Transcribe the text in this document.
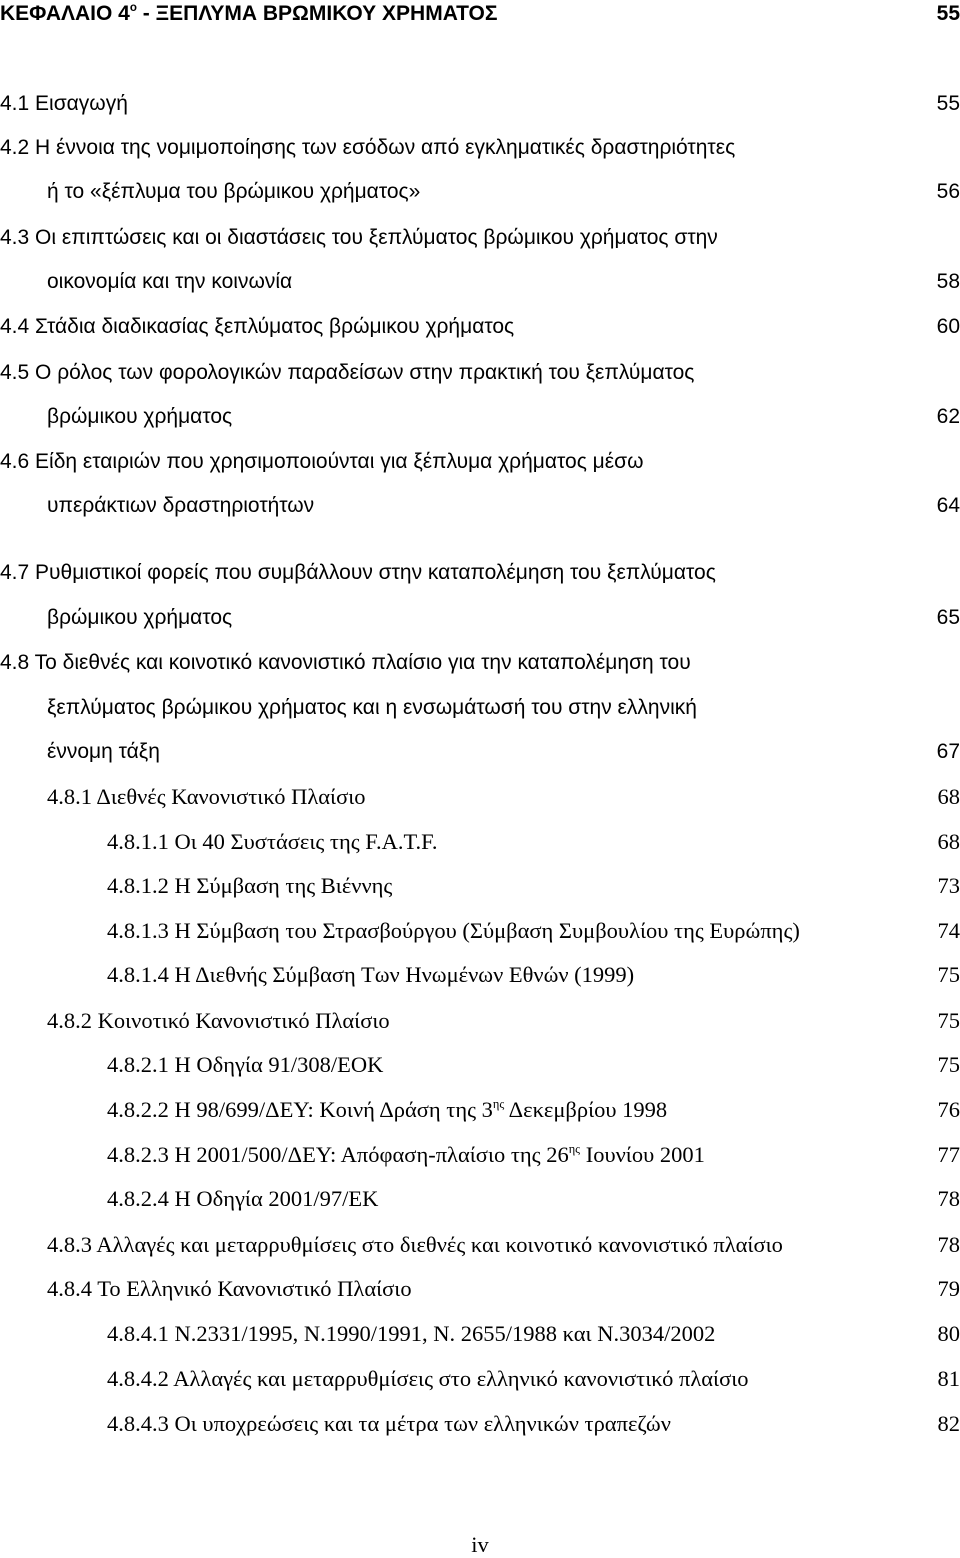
ΚΕΦΑΛΑΙΟ $4^o$ - ΞΕΠΛΥΜΑ ΒΡΩΜΙΚΟΥ ΧΡΗΜΑΤΟΣ	55
4.1 Εισαγωγή	55
4.2 Η έννοια της νομιμοποίησης των εσόδων από εγκληματικές δραστηριότητες
ή το «ξέπλυμα του βρώμικου χρήματος»	56
4.3 Οι επιπτώσεις και οι διαστάσεις του ξεπλύματος βρώμικου χρήματος στην
οικονομία και την κοινωνία	58
4.4 Στάδια διαδικασίας ξεπλύματος βρώμικου χρήματος	60
4.5 Ο ρόλος των φορολογικών παραδείσων στην πρακτική του ξεπλύματος
βρώμικου χρήματος	62
4.6 Είδη εταιριών που χρησιμοποιούνται για ξέπλυμα χρήματος μέσω
υπεράκτιων δραστηριοτήτων	64
4.7 Ρυθμιστικοί φορείς που συμβάλλουν στην καταπολέμηση του ξεπλύματος
βρώμικου χρήματος	65
4.8 Το διεθνές και κοινοτικό κανονιστικό πλαίσιο για την καταπολέμηση του
ξεπλύματος βρώμικου χρήματος και η ενσωμάτωσή του στην ελληνική
έννομη τάξη	67
4.8.1 Διεθνές Κανονιστικό Πλαίσιο	68
4.8.1.1 Οι 40 Συστάσεις της F.A.T.F.	68
4.8.1.2 Η Σύμβαση της Βιέννης	73
4.8.1.3 Η Σύμβαση του Στρασβούργου (Σύμβαση Συμβουλίου της Ευρώπης)	74
4.8.1.4 Η Διεθνής Σύμβαση Των Ηνωμένων Εθνών (1999)	75
4.8.2 Κοινοτικό Κανονιστικό Πλαίσιο	75
4.8.2.1 Η Οδηγία 91/308/ΕΟΚ	75
4.8.2.2 Η 98/699/ΔΕΥ: Κοινή Δράση της $3^{\eta\varsigma}$ Δεκεμβρίου 1998	76
4.8.2.3 Η 2001/500/ΔΕΥ: Απόφαση-πλαίσιο της $26^{\eta\varsigma}$ Ιουνίου 2001	77
4.8.2.4 Η Οδηγία 2001/97/ΕΚ	78
4.8.3 Αλλαγές και μεταρρυθμίσεις στο διεθνές και κοινοτικό κανονιστικό πλαίσιο	78
4.8.4 Το Ελληνικό Κανονιστικό Πλαίσιο	79
4.8.4.1 Ν.2331/1995, Ν.1990/1991, Ν. 2655/1988 και Ν.3034/2002	80
4.8.4.2 Αλλαγές και μεταρρυθμίσεις στο ελληνικό κανονιστικό πλαίσιο	81
4.8.4.3 Οι υποχρεώσεις και τα μέτρα των ελληνικών τραπεζών	82
iv
